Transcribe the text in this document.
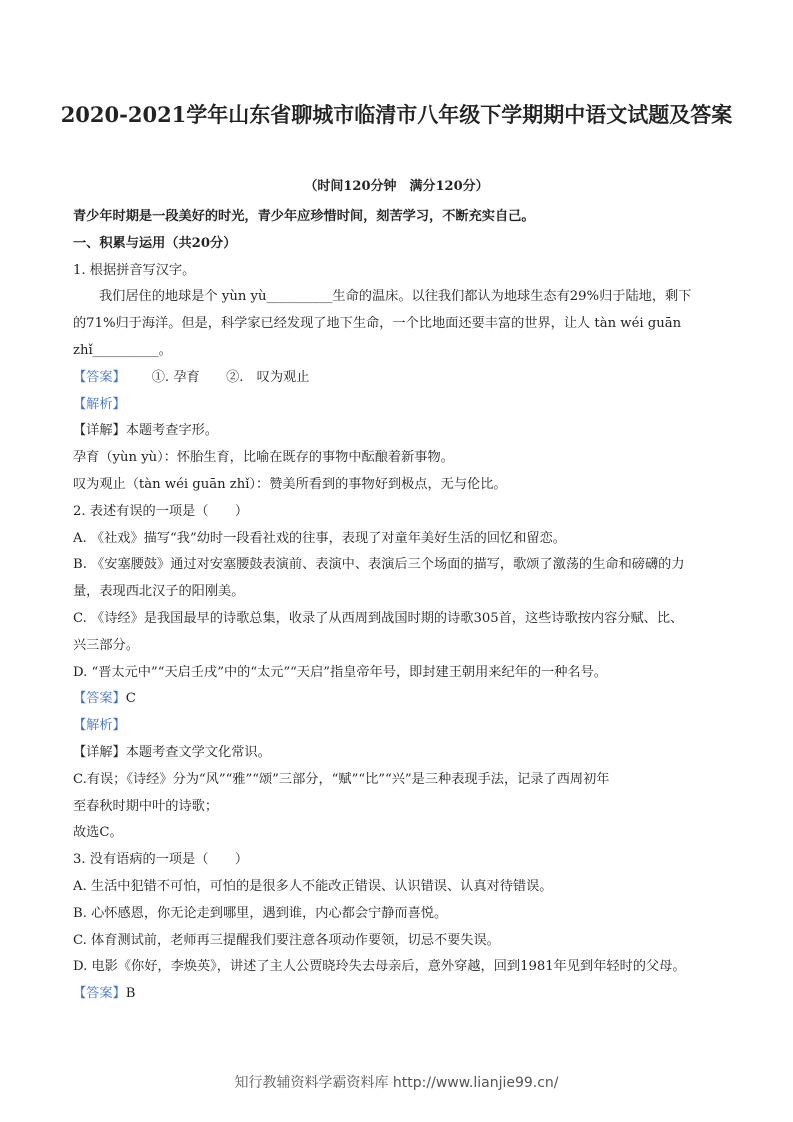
2020-2021学年山东省聊城市临清市八年级下学期期中语文试题及答案
（时间120分钟　满分120分）

青少年时期是一段美好的时光，青少年应珍惜时间，刻苦学习，不断充实自己。

一、积累与运用（共20分）

1. 根据拼音写汉字。

我们居住的地球是个 yùn yù__________生命的温床。以往我们都认为地球生态有29%归于陆地，剩下

的71%归于海洋。但是，科学家已经发现了地下生命，一个比地面还要丰富的世界，让人 tàn wéi guān

zhǐ__________。

【答案】 ①. 孕育　　②.　叹为观止

【解析】

【详解】本题考查字形。

孕育（yùn yù）：怀胎生育，比喻在既存的事物中酝酿着新事物。

叹为观止（tàn wéi guān zhǐ）：赞美所看到的事物好到极点，无与伦比。

2. 表述有误的一项是（　　）

A. 《社戏》描写“我”幼时一段看社戏的往事，表现了对童年美好生活的回忆和留恋。

B. 《安塞腰鼓》通过对安塞腰鼓表演前、表演中、表演后三个场面的描写，歌颂了激荡的生命和磅礴的力

量，表现西北汉子的阳刚美。

C. 《诗经》是我国最早的诗歌总集，收录了从西周到战国时期的诗歌305首，这些诗歌按内容分赋、比、

兴三部分。

D. “晋太元中”“天启壬戌”中的“太元”“天启”指皇帝年号，即封建王朝用来纪年的一种名号。

【答案】C

【解析】

【详解】本题考查文学文化常识。

C.有误；《诗经》分为“风”“雅”“颂”三部分，“赋”“比”“兴”是三种表现手法，记录了西周初年

至春秋时期中叶的诗歌；

故选C。

3. 没有语病的一项是（　　）

A. 生活中犯错不可怕，可怕的是很多人不能改正错误、认识错误、认真对待错误。

B. 心怀感恩，你无论走到哪里，遇到谁，内心都会宁静而喜悦。

C. 体育测试前，老师再三提醒我们要注意各项动作要领，切忌不要失误。

D. 电影《你好，李焕英》，讲述了主人公贾晓玲失去母亲后，意外穿越，回到1981年见到年轻时的父母。

【答案】B

知行教辅资料学霸资料库 http://www.lianjie99.cn/
